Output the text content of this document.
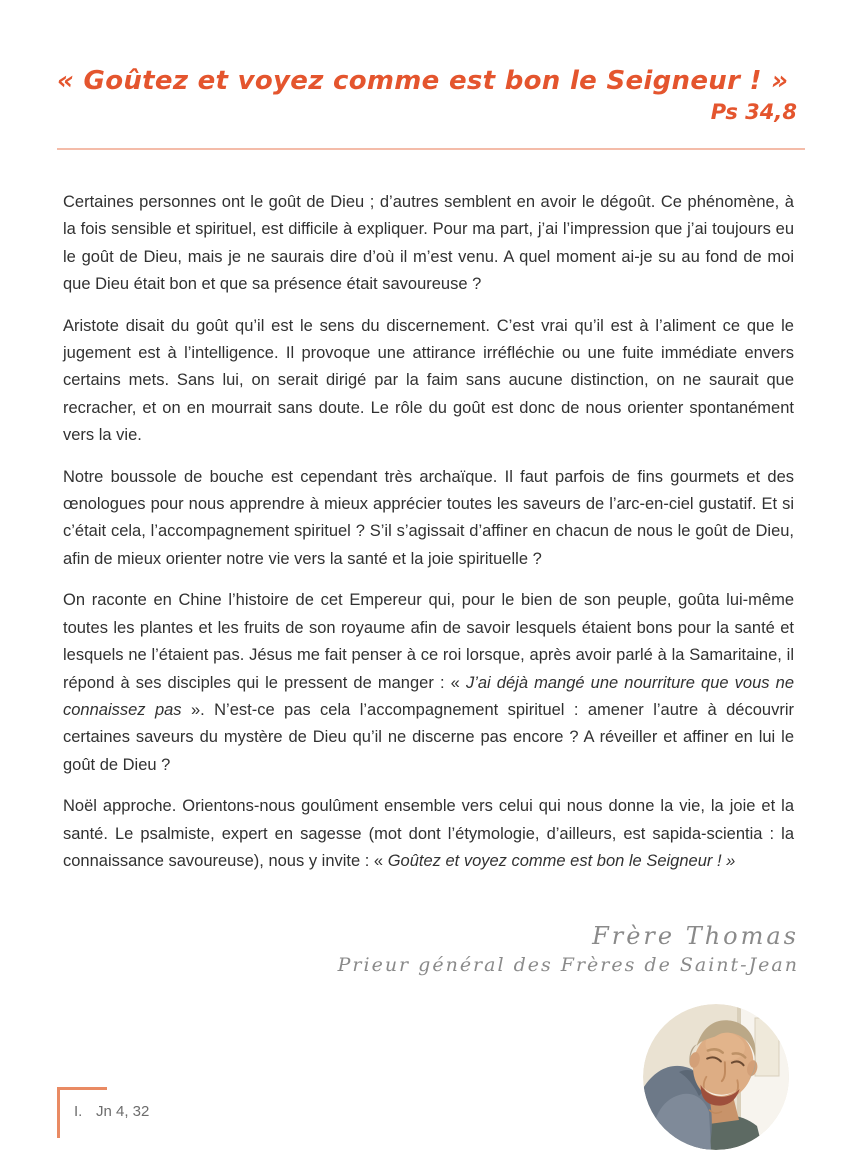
« Goûtez et voyez comme est bon le Seigneur ! »
Ps 34,8

Certaines personnes ont le goût de Dieu ; d’autres semblent en avoir le dégoût. Ce phénomène, à la fois sensible et spirituel, est difficile à expliquer. Pour ma part, j’ai l’impression que j’ai toujours eu le goût de Dieu, mais je ne saurais dire d’où il m’est venu. A quel moment ai-je su au fond de moi que Dieu était bon et que sa présence était savoureuse ?

Aristote disait du goût qu’il est le sens du discernement. C’est vrai qu’il est à l’aliment ce que le jugement est à l’intelligence. Il provoque une attirance irréfléchie ou une fuite immédiate envers certains mets. Sans lui, on serait dirigé par la faim sans aucune distinction, on ne saurait que recracher, et on en mourrait sans doute. Le rôle du goût est donc de nous orienter spontanément vers la vie.

Notre boussole de bouche est cependant très archaïque. Il faut parfois de fins gourmets et des œnologues pour nous apprendre à mieux apprécier toutes les saveurs de l’arc-en-ciel gustatif. Et si c’était cela, l’accompagnement spirituel ? S’il s’agissait d’affiner en chacun de nous le goût de Dieu, afin de mieux orienter notre vie vers la santé et la joie spirituelle ?

On raconte en Chine l’histoire de cet Empereur qui, pour le bien de son peuple, goûta lui-même toutes les plantes et les fruits de son royaume afin de savoir lesquels étaient bons pour la santé et lesquels ne l’étaient pas. Jésus me fait penser à ce roi lorsque, après avoir parlé à la Samaritaine, il répond à ses disciples qui le pressent de manger : « J’ai déjà mangé une nourriture que vous ne connaissez pas ». N’est-ce pas cela l’accompagnement spirituel : amener l’autre à découvrir certaines saveurs du mystère de Dieu qu’il ne discerne pas encore ? A réveiller et affiner en lui le goût de Dieu ?

Noël approche. Orientons-nous goulûment ensemble vers celui qui nous donne la vie, la joie et la santé. Le psalmiste, expert en sagesse (mot dont l’étymologie, d’ailleurs, est sapida-scientia : la connaissance savoureuse), nous y invite : « Goûtez et voyez comme est bon le Seigneur ! »

Frère Thomas
Prieur général des Frères de Saint-Jean
I. Jn 4, 32
